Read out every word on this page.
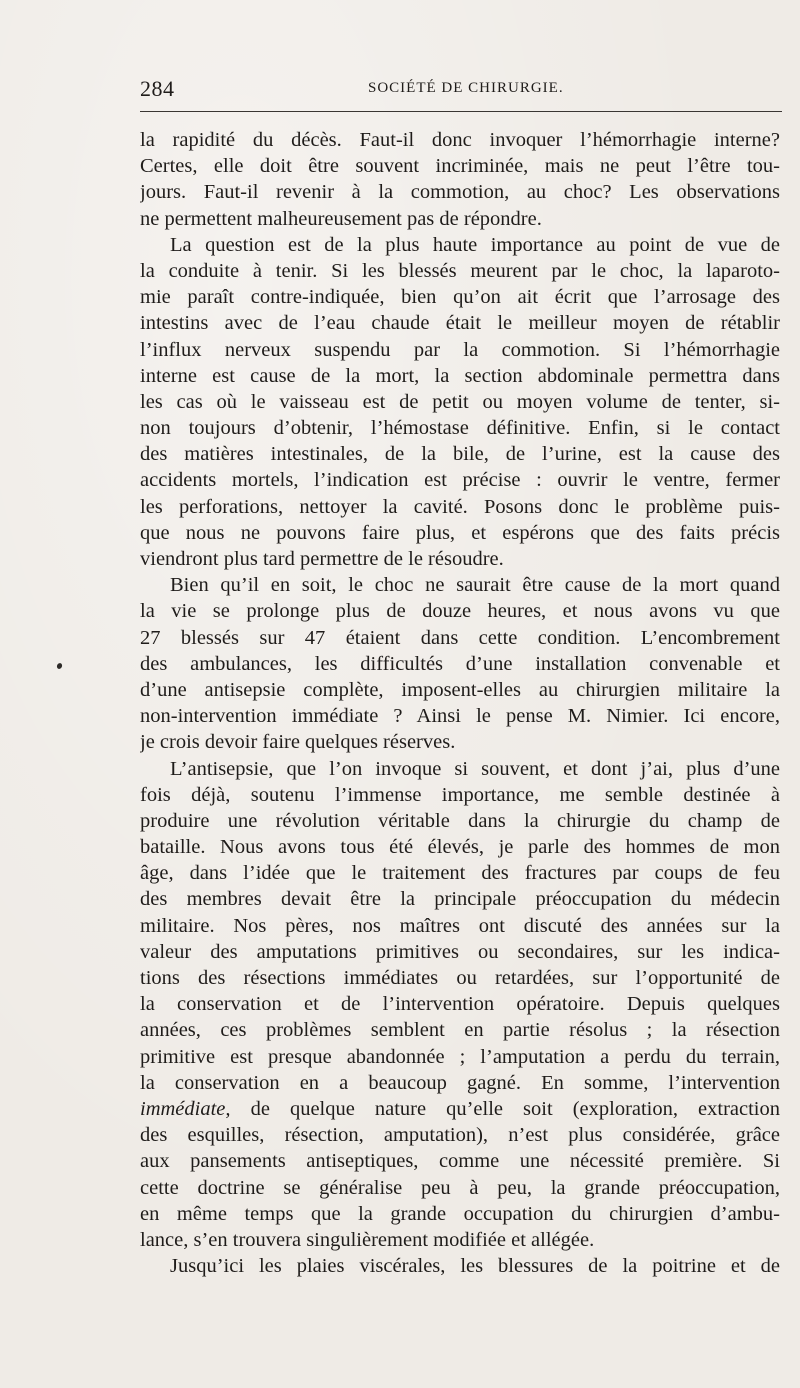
284	SOCIÉTÉ DE CHIRURGIE.
la rapidité du décès. Faut-il donc invoquer l’hémorrhagie interne?
Certes, elle doit être souvent incriminée, mais ne peut l’être tou-
jours. Faut-il revenir à la commotion, au choc? Les observations
ne permettent malheureusement pas de répondre.
La question est de la plus haute importance au point de vue de
la conduite à tenir. Si les blessés meurent par le choc, la laparoto-
mie paraît contre-indiquée, bien qu’on ait écrit que l’arrosage des
intestins avec de l’eau chaude était le meilleur moyen de rétablir
l’influx nerveux suspendu par la commotion. Si l’hémorrhagie
interne est cause de la mort, la section abdominale permettra dans
les cas où le vaisseau est de petit ou moyen volume de tenter, si-
non toujours d’obtenir, l’hémostase définitive. Enfin, si le contact
des matières intestinales, de la bile, de l’urine, est la cause des
accidents mortels, l’indication est précise : ouvrir le ventre, fermer
les perforations, nettoyer la cavité. Posons donc le problème puis-
que nous ne pouvons faire plus, et espérons que des faits précis
viendront plus tard permettre de le résoudre.
Bien qu’il en soit, le choc ne saurait être cause de la mort quand
la vie se prolonge plus de douze heures, et nous avons vu que
27 blessés sur 47 étaient dans cette condition. L’encombrement
des ambulances, les difficultés d’une installation convenable et
d’une antisepsie complète, imposent-elles au chirurgien militaire la
non-intervention immédiate ? Ainsi le pense M. Nimier. Ici encore,
je crois devoir faire quelques réserves.
L’antisepsie, que l’on invoque si souvent, et dont j’ai, plus d’une
fois déjà, soutenu l’immense importance, me semble destinée à
produire une révolution véritable dans la chirurgie du champ de
bataille. Nous avons tous été élevés, je parle des hommes de mon
âge, dans l’idée que le traitement des fractures par coups de feu
des membres devait être la principale préoccupation du médecin
militaire. Nos pères, nos maîtres ont discuté des années sur la
valeur des amputations primitives ou secondaires, sur les indica-
tions des résections immédiates ou retardées, sur l’opportunité de
la conservation et de l’intervention opératoire. Depuis quelques
années, ces problèmes semblent en partie résolus ; la résection
primitive est presque abandonnée ; l’amputation a perdu du terrain,
la conservation en a beaucoup gagné. En somme, l’intervention
immédiate, de quelque nature qu’elle soit (exploration, extraction
des esquilles, résection, amputation), n’est plus considérée, grâce
aux pansements antiseptiques, comme une nécessité première. Si
cette doctrine se généralise peu à peu, la grande préoccupation,
en même temps que la grande occupation du chirurgien d’ambu-
lance, s’en trouvera singulièrement modifiée et allégée.
Jusqu’ici les plaies viscérales, les blessures de la poitrine et de
